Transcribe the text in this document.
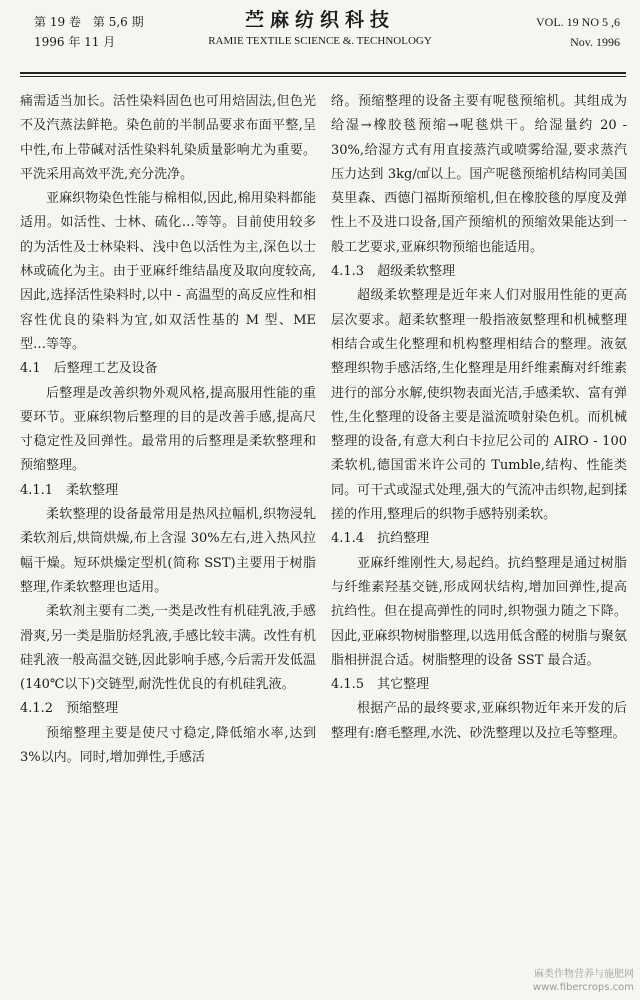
第 19 卷　第 5,6 期
1996 年 11 月
苎麻纺织科技
RAMIE TEXTILE SCIENCE &. TECHNOLOGY
VOL. 19 NO 5 ,6
Nov. 1996

痛需适当加长。活性染料固色也可用焙固法,但色光不及汽蒸法鲜艳。染色前的半制品要求布面平整,呈中性,布上带碱对活性染料轧染质量影响尤为重要。平洗采用高效平洗,充分洗净。

亚麻织物染色性能与棉相似,因此,棉用染料都能适用。如活性、士林、硫化…等等。目前使用较多的为活性及士林染料、浅中色以活性为主,深色以士林或硫化为主。由于亚麻纤维结晶度及取向度较高,因此,选择活性染料时,以中 - 高温型的高反应性和相容性优良的染料为宜,如双活性基的 M 型、ME 型…等等。

4.1　后整理工艺及设备

后整理是改善织物外观风格,提高服用性能的重要环节。亚麻织物后整理的目的是改善手感,提高尺寸稳定性及回弹性。最常用的后整理是柔软整理和预缩整理。

4.1.1　柔软整理

柔软整理的设备最常用是热风拉幅机,织物浸轧柔软剂后,烘筒烘燥,布上含湿 30%左右,进入热风拉幅干燥。短环烘燥定型机(简称 SST)主要用于树脂整理,作柔软整理也适用。

柔软剂主要有二类,一类是改性有机硅乳液,手感滑爽,另一类是脂肪烃乳液,手感比较丰满。改性有机硅乳液一般高温交链,因此影响手感,今后需开发低温(140℃以下)交链型,耐洗性优良的有机硅乳液。

4.1.2　预缩整理

预缩整理主要是使尺寸稳定,降低缩水率,达到 3%以内。同时,增加弹性,手感活

络。预缩整理的设备主要有呢毯预缩机。其组成为给湿→橡胶毯预缩→呢毯烘干。给湿量约 20 - 30%,给湿方式有用直接蒸汽或喷雾给湿,要求蒸汽压力达到 3kg/㎠以上。国产呢毯预缩机结构同美国莫里森、西德门福斯预缩机,但在橡胶毯的厚度及弹性上不及进口设备,国产预缩机的预缩效果能达到一般工艺要求,亚麻织物预缩也能适用。

4.1.3　超级柔软整理

超级柔软整理是近年来人们对服用性能的更高层次要求。超柔软整理一般指液氨整理和机械整理相结合或生化整理和机构整理相结合的整理。液氨整理织物手感活络,生化整理是用纤维素酶对纤维素进行的部分水解,使织物表面光洁,手感柔软、富有弹性,生化整理的设备主要是溢流喷射染色机。而机械整理的设备,有意大利白卡拉尼公司的 AIRO - 100 柔软机,德国雷米许公司的 Tumble,结构、性能类同。可干式或湿式处理,强大的气流冲击织物,起到揉搓的作用,整理后的织物手感特别柔软。

4.1.4　抗绉整理

亚麻纤维刚性大,易起绉。抗绉整理是通过树脂与纤维素羟基交链,形成网状结构,增加回弹性,提高抗绉性。但在提高弹性的同时,织物强力随之下降。因此,亚麻织物树脂整理,以选用低含醛的树脂与聚氨脂相拼混合适。树脂整理的设备 SST 最合适。

4.1.5　其它整理

根据产品的最终要求,亚麻织物近年来开发的后整理有:磨毛整理,水洗、砂洗整理以及拉毛等整理。

麻类作物营养与施肥网
www.fibercrops.com
